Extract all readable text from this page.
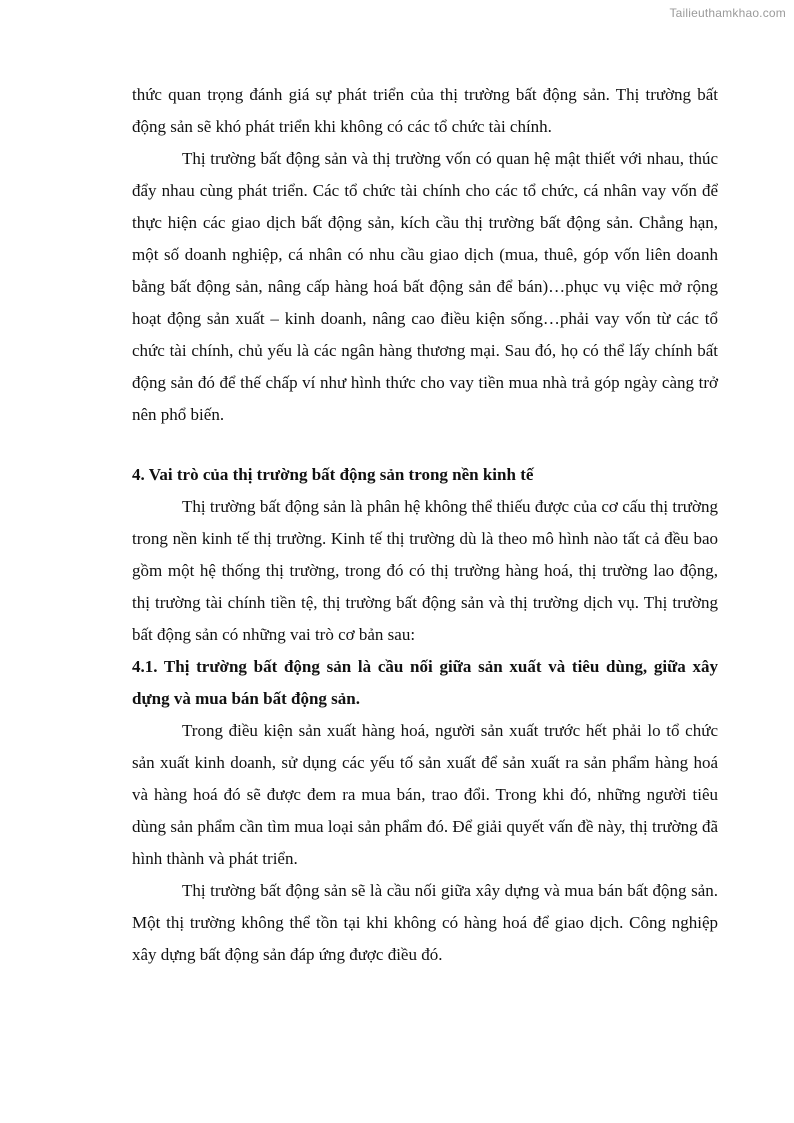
Tailieuthamkhao.com

thức quan trọng đánh giá sự phát triển của thị trường bất động sản. Thị trường bất động sản sẽ khó phát triển khi không có các tổ chức tài chính.

Thị trường bất động sản và thị trường vốn có quan hệ mật thiết với nhau, thúc đẩy nhau cùng phát triển. Các tổ chức tài chính cho các tổ chức, cá nhân vay vốn để thực hiện các giao dịch bất động sản, kích cầu thị trường bất động sản. Chẳng hạn, một số doanh nghiệp, cá nhân có nhu cầu giao dịch (mua, thuê, góp vốn liên doanh bằng bất động sản, nâng cấp hàng hoá bất động sản để bán)…phục vụ việc mở rộng hoạt động sản xuất – kinh doanh, nâng cao điều kiện sống…phải vay vốn từ các tổ chức tài chính, chủ yếu là các ngân hàng thương mại. Sau đó, họ có thể lấy chính bất động sản đó để thế chấp ví như hình thức cho vay tiền mua nhà trả góp ngày càng trở nên phổ biến.

4. Vai trò của thị trường bất động sản trong nền kinh tế

Thị trường bất động sản là phân hệ không thể thiếu được của cơ cấu thị trường trong nền kinh tế thị trường. Kinh tế thị trường dù là theo mô hình nào tất cả đều bao gồm một hệ thống thị trường, trong đó có thị trường hàng hoá, thị trường lao động, thị trường tài chính tiền tệ, thị trường bất động sản và thị trường dịch vụ. Thị trường bất động sản có những vai trò cơ bản sau:

4.1. Thị trường bất động sản là cầu nối giữa sản xuất và tiêu dùng, giữa xây dựng và mua bán bất động sản.

Trong điều kiện sản xuất hàng hoá, người sản xuất trước hết phải lo tổ chức sản xuất kinh doanh, sử dụng các yếu tố sản xuất để sản xuất ra sản phẩm hàng hoá và hàng hoá đó sẽ được đem ra mua bán, trao đổi. Trong khi đó, những người tiêu dùng sản phẩm cần tìm mua loại sản phẩm đó. Để giải quyết vấn đề này, thị trường đã hình thành và phát triển.

Thị trường bất động sản sẽ là cầu nối giữa xây dựng và mua bán bất động sản. Một thị trường không thể tồn tại khi không có hàng hoá để giao dịch. Công nghiệp xây dựng bất động sản đáp ứng được điều đó.
